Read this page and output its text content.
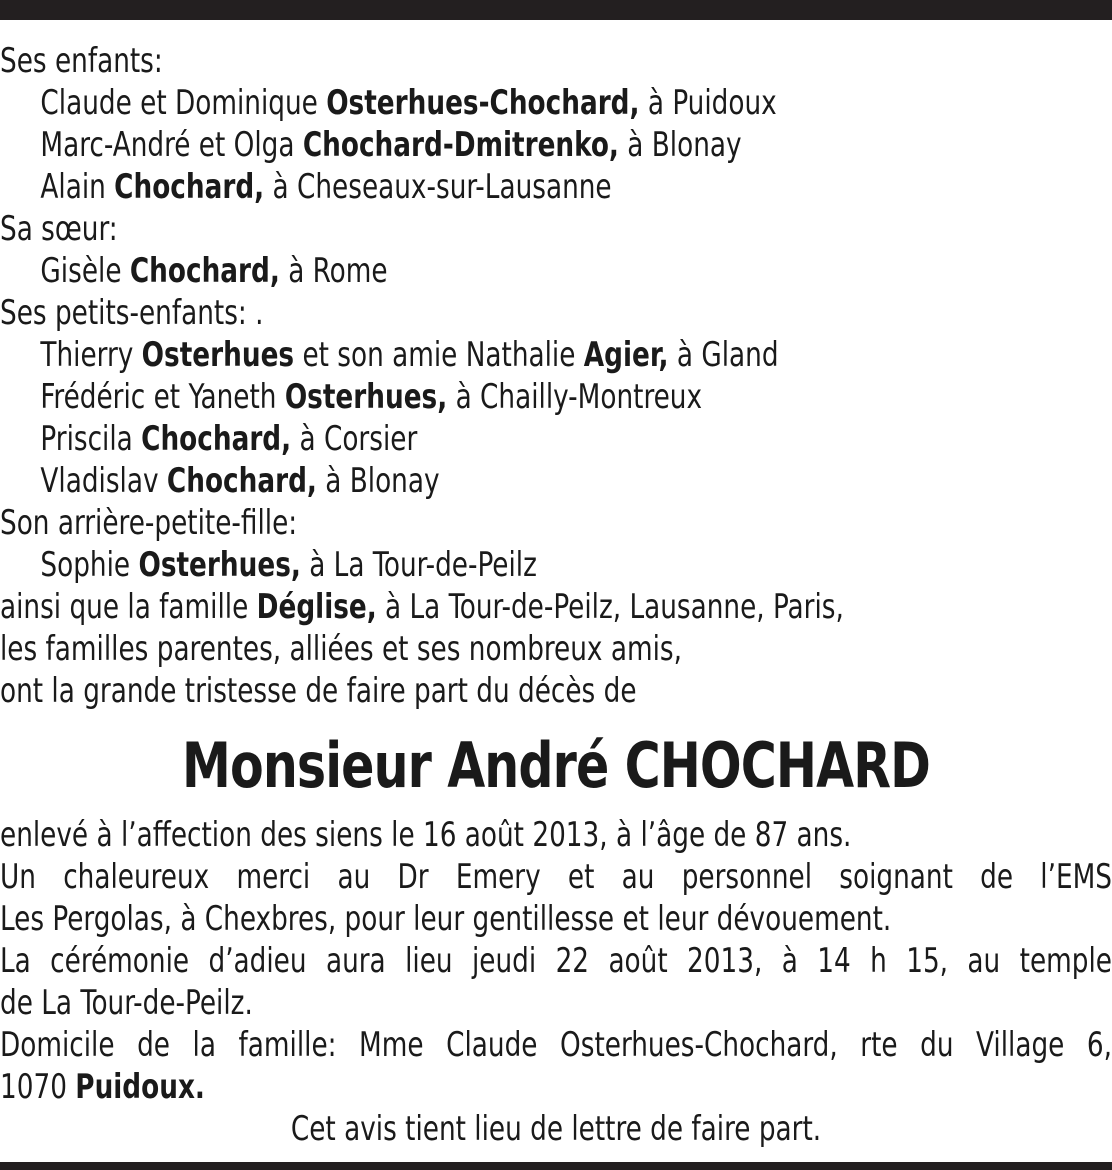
Ses enfants:
Claude et Dominique Osterhues-Chochard, à Puidoux
Marc-André et Olga Chochard-Dmitrenko, à Blonay
Alain Chochard, à Cheseaux-sur-Lausanne
Sa sœur:
Gisèle Chochard, à Rome
Ses petits-enfants: .
Thierry Osterhues et son amie Nathalie Agier, à Gland
Frédéric et Yaneth Osterhues, à Chailly-Montreux
Priscila Chochard, à Corsier
Vladislav Chochard, à Blonay
Son arrière-petite-fille:
Sophie Osterhues, à La Tour-de-Peilz
ainsi que la famille Déglise, à La Tour-de-Peilz, Lausanne, Paris,
les familles parentes, alliées et ses nombreux amis,
ont la grande tristesse de faire part du décès de
Monsieur André CHOCHARD
enlevé à l’affection des siens le 16 août 2013, à l’âge de 87 ans.
Un chaleureux merci au Dr Emery et au personnel soignant de l’EMS
Les Pergolas, à Chexbres, pour leur gentillesse et leur dévouement.
La cérémonie d’adieu aura lieu jeudi 22 août 2013, à 14 h 15, au temple
de La Tour-de-Peilz.
Domicile de la famille: Mme Claude Osterhues-Chochard, rte du Village 6,
1070 Puidoux.
Cet avis tient lieu de lettre de faire part.
